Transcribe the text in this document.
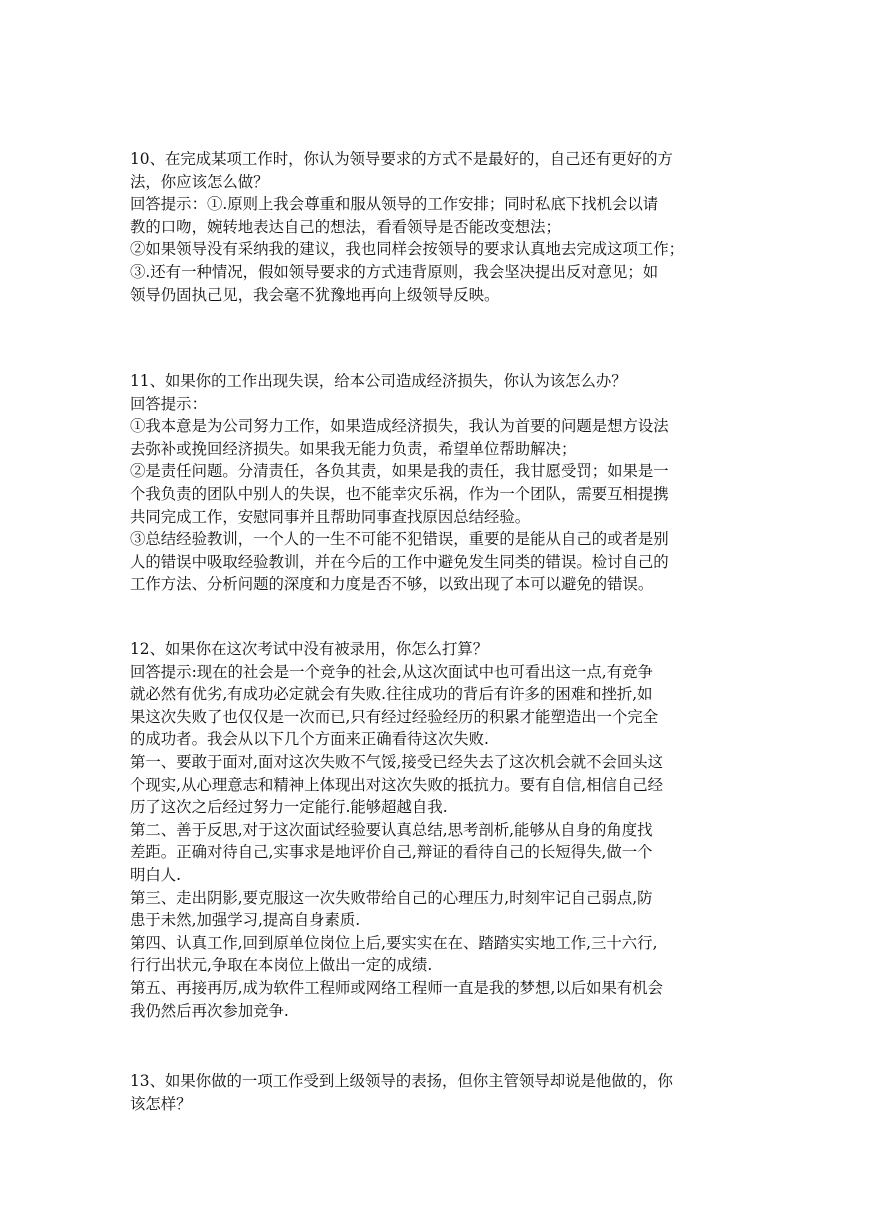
10、在完成某项工作时，你认为领导要求的方式不是最好的，自己还有更好的方
法，你应该怎么做？
回答提示：①.原则上我会尊重和服从领导的工作安排；同时私底下找机会以请
教的口吻，婉转地表达自己的想法，看看领导是否能改变想法；
②如果领导没有采纳我的建议，我也同样会按领导的要求认真地去完成这项工作；
③.还有一种情况，假如领导要求的方式违背原则，我会坚决提出反对意见；如
领导仍固执己见，我会毫不犹豫地再向上级领导反映。
11、如果你的工作出现失误，给本公司造成经济损失，你认为该怎么办？
回答提示：
①我本意是为公司努力工作，如果造成经济损失，我认为首要的问题是想方设法
去弥补或挽回经济损失。如果我无能力负责，希望单位帮助解决；
②是责任问题。分清责任，各负其责，如果是我的责任，我甘愿受罚；如果是一
个我负责的团队中别人的失误，也不能幸灾乐祸，作为一个团队，需要互相提携
共同完成工作，安慰同事并且帮助同事查找原因总结经验。
③总结经验教训，一个人的一生不可能不犯错误，重要的是能从自己的或者是别
人的错误中吸取经验教训，并在今后的工作中避免发生同类的错误。检讨自己的
工作方法、分析问题的深度和力度是否不够，以致出现了本可以避免的错误。
12、如果你在这次考试中没有被录用，你怎么打算？
回答提示:现在的社会是一个竞争的社会,从这次面试中也可看出这一点,有竞争
就必然有优劣,有成功必定就会有失败.往往成功的背后有许多的困难和挫折,如
果这次失败了也仅仅是一次而已,只有经过经验经历的积累才能塑造出一个完全
的成功者。我会从以下几个方面来正确看待这次失败.
第一、要敢于面对,面对这次失败不气馁,接受已经失去了这次机会就不会回头这
个现实,从心理意志和精神上体现出对这次失败的抵抗力。要有自信,相信自己经
历了这次之后经过努力一定能行.能够超越自我.
第二、善于反思,对于这次面试经验要认真总结,思考剖析,能够从自身的角度找
差距。正确对待自己,实事求是地评价自己,辩证的看待自己的长短得失,做一个
明白人.
第三、走出阴影,要克服这一次失败带给自己的心理压力,时刻牢记自己弱点,防
患于未然,加强学习,提高自身素质.
第四、认真工作,回到原单位岗位上后,要实实在在、踏踏实实地工作,三十六行,
行行出状元,争取在本岗位上做出一定的成绩.
第五、再接再厉,成为软件工程师或网络工程师一直是我的梦想,以后如果有机会
我仍然后再次参加竞争.
13、如果你做的一项工作受到上级领导的表扬，但你主管领导却说是他做的，你
该怎样？
